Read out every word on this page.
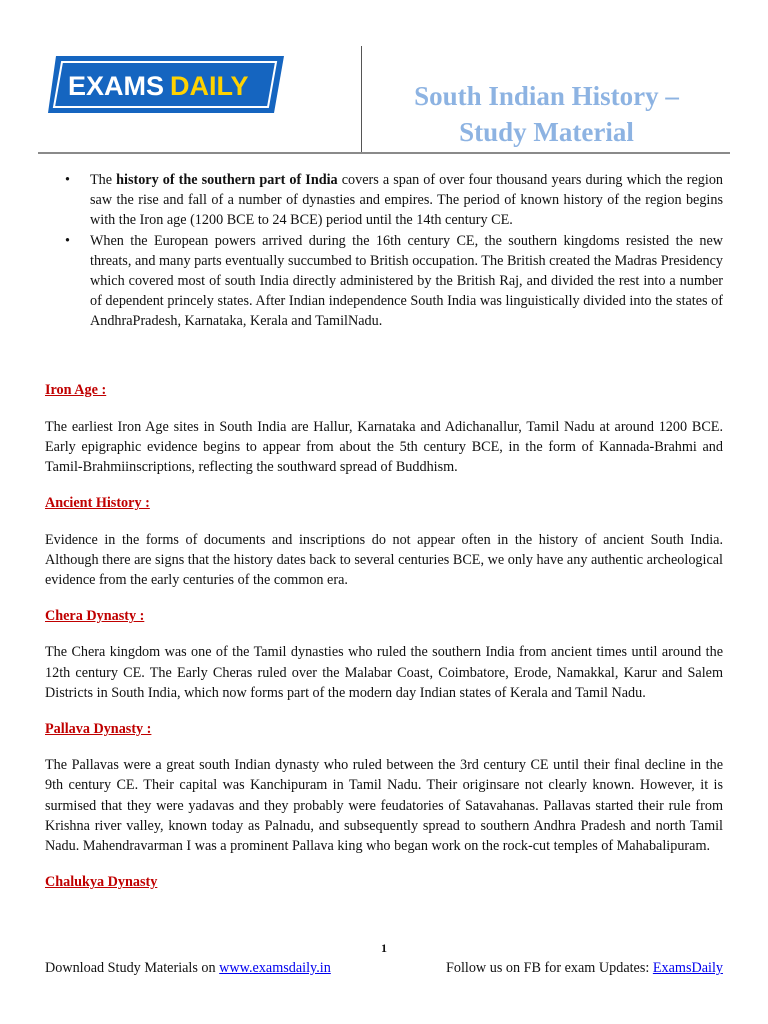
EXAMS DAILY	South Indian History –
Study Material
• The history of the southern part of India covers a span of over four thousand years during which the region saw the rise and fall of a number of dynasties and empires. The period of known history of the region begins with the Iron age (1200 BCE to 24 BCE) period until the 14th century CE.
• When the European powers arrived during the 16th century CE, the southern kingdoms resisted the new threats, and many parts eventually succumbed to British occupation. The British created the Madras Presidency which covered most of south India directly administered by the British Raj, and divided the rest into a number of dependent princely states. After Indian independence South India was linguistically divided into the states of AndhraPradesh, Karnataka, Kerala and TamilNadu.

Iron Age :

The earliest Iron Age sites in South India are Hallur, Karnataka and Adichanallur, Tamil Nadu at around 1200 BCE. Early epigraphic evidence begins to appear from about the 5th century BCE, in the form of Kannada-Brahmi and Tamil-Brahmiinscriptions, reflecting the southward spread of Buddhism.

Ancient History :

Evidence in the forms of documents and inscriptions do not appear often in the history of ancient South India. Although there are signs that the history dates back to several centuries BCE, we only have any authentic archeological evidence from the early centuries of the common era.

Chera Dynasty :

The Chera kingdom was one of the Tamil dynasties who ruled the southern India from ancient times until around the 12th century CE. The Early Cheras ruled over the Malabar Coast, Coimbatore, Erode, Namakkal, Karur and Salem Districts in South India, which now forms part of the modern day Indian states of Kerala and Tamil Nadu.

Pallava Dynasty :

The Pallavas were a great south Indian dynasty who ruled between the 3rd century CE until their final decline in the 9th century CE. Their capital was Kanchipuram in Tamil Nadu. Their originsare not clearly known. However, it is surmised that they were yadavas and they probably were feudatories of Satavahanas. Pallavas started their rule from Krishna river valley, known today as Palnadu, and subsequently spread to southern Andhra Pradesh and north Tamil Nadu. Mahendravarman I was a prominent Pallava king who began work on the rock-cut temples of Mahabalipuram.

Chalukya Dynasty

1
Download Study Materials on www.examsdaily.in	Follow us on FB for exam Updates: ExamsDaily
